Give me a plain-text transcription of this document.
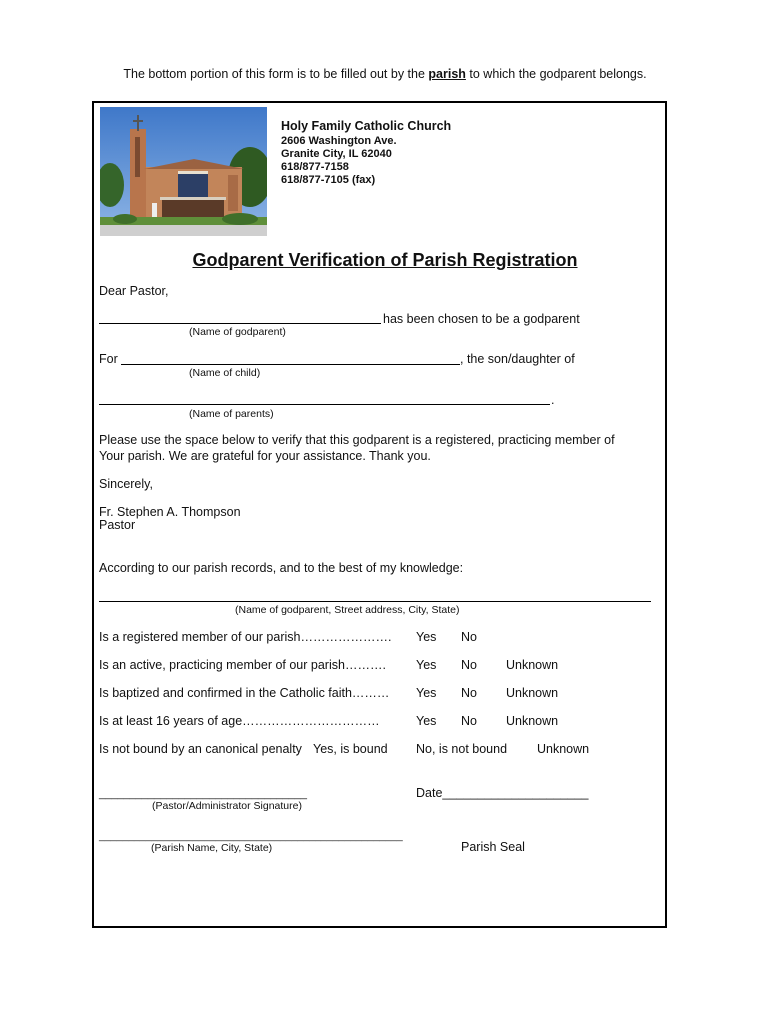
The bottom portion of this form is to be filled out by the parish to which the godparent belongs.
Holy Family Catholic Church
2606 Washington Ave.
Granite City, IL 62040
618/877-7158
618/877-7105 (fax)
Godparent Verification of Parish Registration
Dear Pastor,
has been chosen to be a godparent
(Name of godparent)
For	, the son/daughter of
(Name of child)
.
(Name of parents)
Please use the space below to verify that this godparent is a registered, practicing member of
Your parish. We are grateful for your assistance. Thank you.
Sincerely,
Fr. Stephen A. Thompson
Pastor
According to our parish records, and to the best of my knowledge:
(Name of godparent, Street address, City, State)
Is a registered member of our parish…………………. Yes No
Is an active, practicing member of our parish………. Yes No Unknown
Is baptized and confirmed in the Catholic faith……… Yes No Unknown
Is at least 16 years of age……………………………	Yes No Unknown
Is not bound by an canonical penalty Yes, is bound No, is not bound Unknown
__________________________________
(Pastor/Administrator Signature)
Date_____________________
____________________________________________________
(Parish Name, City, State)	Parish Seal
